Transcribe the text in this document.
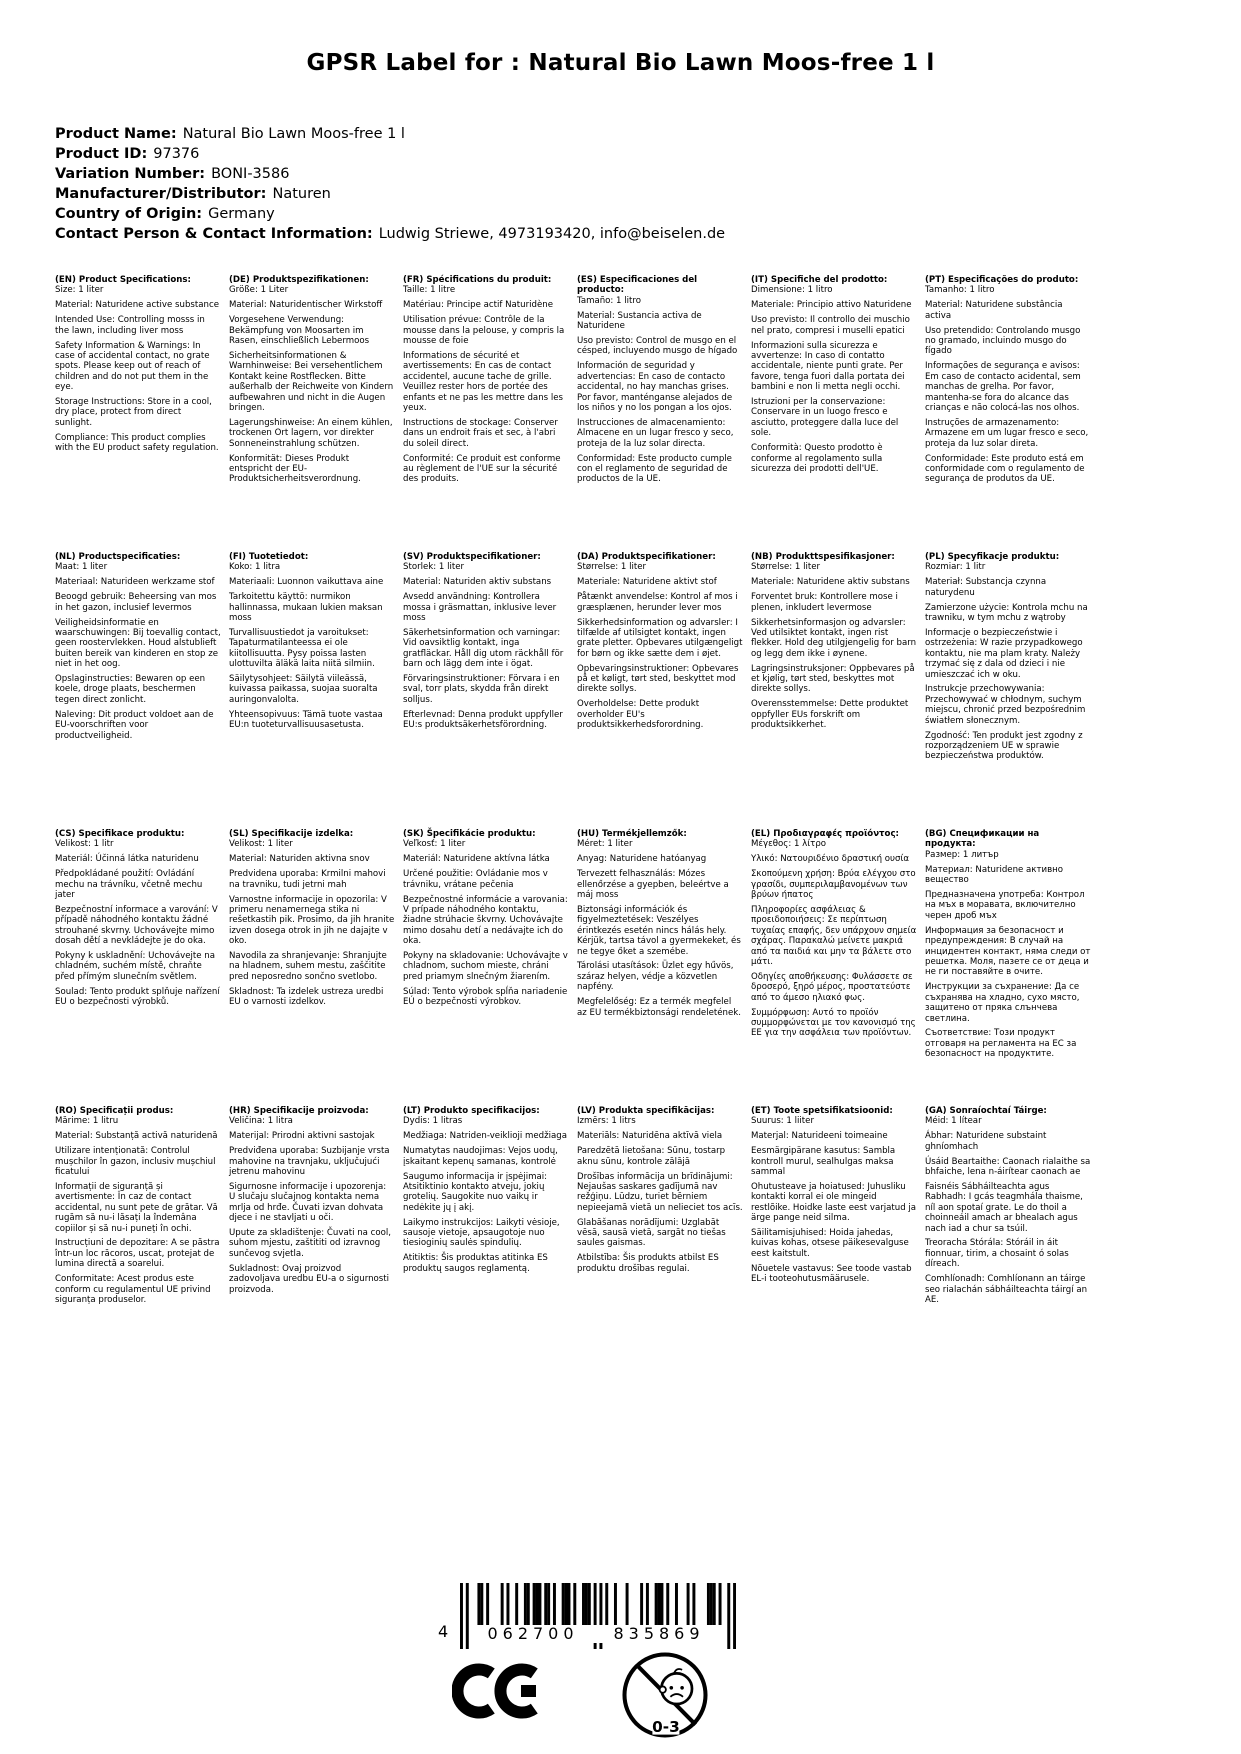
GPSR Label for : Natural Bio Lawn Moos-free 1 l
Product Name: Natural Bio Lawn Moos-free 1 l
Product ID: 97376
Variation Number: BONI-3586
Manufacturer/Distributor: Naturen
Country of Origin: Germany
Contact Person & Contact Information: Ludwig Striewe, 4973193420, info@beiselen.de
(EN) Product Specifications:

Size: 1 liter

Material: Naturidene active substance

Intended Use: Controlling mosss in the lawn, including liver moss

Safety Information & Warnings: In case of accidental contact, no grate spots. Please keep out of reach of children and do not put them in the eye.

Storage Instructions: Store in a cool, dry place, protect from direct sunlight.

Compliance: This product complies with the EU product safety regulation.

(DE) Produktspezifikationen:

Größe: 1 Liter

Material: Naturidentischer Wirkstoff

Vorgesehene Verwendung: Bekämpfung von Moosarten im Rasen, einschließlich Lebermoos

Sicherheitsinformationen & Warnhinweise: Bei versehentlichem Kontakt keine Rostflecken. Bitte außerhalb der Reichweite von Kindern aufbewahren und nicht in die Augen bringen.

Lagerungshinweise: An einem kühlen, trockenen Ort lagern, vor direkter Sonneneinstrahlung schützen.

Konformität: Dieses Produkt entspricht der EU-Produktsicherheitsverordnung.

(FR) Spécifications du produit:

Taille: 1 litre

Matériau: Principe actif Naturidène

Utilisation prévue: Contrôle de la mousse dans la pelouse, y compris la mousse de foie

Informations de sécurité et avertissements: En cas de contact accidentel, aucune tache de grille. Veuillez rester hors de portée des enfants et ne pas les mettre dans les yeux.

Instructions de stockage: Conserver dans un endroit frais et sec, à l'abri du soleil direct.

Conformité: Ce produit est conforme au règlement de l'UE sur la sécurité des produits.

(ES) Especificaciones del producto:

Tamaño: 1 litro

Material: Sustancia activa de Naturidene

Uso previsto: Control de musgo en el césped, incluyendo musgo de hígado

Información de seguridad y advertencias: En caso de contacto accidental, no hay manchas grises. Por favor, manténganse alejados de los niños y no los pongan a los ojos.

Instrucciones de almacenamiento: Almacene en un lugar fresco y seco, proteja de la luz solar directa.

Conformidad: Este producto cumple con el reglamento de seguridad de productos de la UE.

(IT) Specifiche del prodotto:

Dimensione: 1 litro

Materiale: Principio attivo Naturidene

Uso previsto: Il controllo dei muschio nel prato, compresi i muselli epatici

Informazioni sulla sicurezza e avvertenze: In caso di contatto accidentale, niente punti grate. Per favore, tenga fuori dalla portata dei bambini e non li metta negli occhi.

Istruzioni per la conservazione: Conservare in un luogo fresco e asciutto, proteggere dalla luce del sole.

Conformità: Questo prodotto è conforme al regolamento sulla sicurezza dei prodotti dell'UE.

(PT) Especificações do produto:

Tamanho: 1 litro

Material: Naturidene substância activa

Uso pretendido: Controlando musgo no gramado, incluindo musgo do fígado

Informações de segurança e avisos: Em caso de contacto acidental, sem manchas de grelha. Por favor, mantenha-se fora do alcance das crianças e não colocá-las nos olhos.

Instruções de armazenamento: Armazene em um lugar fresco e seco, proteja da luz solar direta.

Conformidade: Este produto está em conformidade com o regulamento de segurança de produtos da UE.

(NL) Productspecificaties:

Maat: 1 liter

Materiaal: Naturideen werkzame stof

Beoogd gebruik: Beheersing van mos in het gazon, inclusief levermos

Veiligheidsinformatie en waarschuwingen: Bij toevallig contact, geen roostervlekken. Houd alstublieft buiten bereik van kinderen en stop ze niet in het oog.

Opslaginstructies: Bewaren op een koele, droge plaats, beschermen tegen direct zonlicht.

Naleving: Dit product voldoet aan de EU-voorschriften voor productveiligheid.

(FI) Tuotetiedot:

Koko: 1 litra

Materiaali: Luonnon vaikuttava aine

Tarkoitettu käyttö: nurmikon hallinnassa, mukaan lukien maksan moss

Turvallisuustiedot ja varoitukset: Tapaturmatilanteessa ei ole kiitollisuutta. Pysy poissa lasten ulottuvilta äläkä laita niitä silmiin.

Säilytysohjeet: Säilytä viileässä, kuivassa paikassa, suojaa suoralta auringonvalolta.

Yhteensopivuus: Tämä tuote vastaa EU:n tuoteturvallisuusasetusta.

(SV) Produktspecifikationer:

Storlek: 1 liter

Material: Naturiden aktiv substans

Avsedd användning: Kontrollera mossa i gräsmattan, inklusive lever moss

Säkerhetsinformation och varningar: Vid oavsiktlig kontakt, inga gratfläckar. Håll dig utom räckhåll för barn och lägg dem inte i ögat.

Förvaringsinstruktioner: Förvara i en sval, torr plats, skydda från direkt solljus.

Efterlevnad: Denna produkt uppfyller EU:s produktsäkerhetsförordning.

(DA) Produktspecifikationer:

Størrelse: 1 liter

Materiale: Naturidene aktivt stof

Påtænkt anvendelse: Kontrol af mos i græsplænen, herunder lever mos

Sikkerhedsinformation og advarsler: I tilfælde af utilsigtet kontakt, ingen grate pletter. Opbevares utilgængeligt for børn og ikke sætte dem i øjet.

Opbevaringsinstruktioner: Opbevares på et køligt, tørt sted, beskyttet mod direkte sollys.

Overholdelse: Dette produkt overholder EU's produktsikkerhedsforordning.

(NB) Produkttspesifikasjoner:

Størrelse: 1 liter

Materiale: Naturidene aktiv substans

Forventet bruk: Kontrollere mose i plenen, inkludert levermose

Sikkerhetsinformasjon og advarsler: Ved utilsiktet kontakt, ingen rist flekker. Hold deg utilgjengelig for barn og legg dem ikke i øynene.

Lagringsinstruksjoner: Oppbevares på et kjølig, tørt sted, beskyttes mot direkte sollys.

Overensstemmelse: Dette produktet oppfyller EUs forskrift om produktsikkerhet.

(PL) Specyfikacje produktu:

Rozmiar: 1 litr

Materiał: Substancja czynna naturydenu

Zamierzone użycie: Kontrola mchu na trawniku, w tym mchu z wątroby

Informacje o bezpieczeństwie i ostrzeżenia: W razie przypadkowego kontaktu, nie ma plam kraty. Należy trzymać się z dala od dzieci i nie umieszczać ich w oku.

Instrukcje przechowywania: Przechowywać w chłodnym, suchym miejscu, chronić przed bezpośrednim światłem słonecznym.

Zgodność: Ten produkt jest zgodny z rozporządzeniem UE w sprawie bezpieczeństwa produktów.

(CS) Specifikace produktu:

Velikost: 1 litr

Materiál: Účinná látka naturidenu

Předpokládané použití: Ovládání mechu na trávníku, včetně mechu jater

Bezpečnostní informace a varování: V případě náhodného kontaktu žádné strouhané skvrny. Uchovávejte mimo dosah dětí a nevkládejte je do oka.

Pokyny k uskladnění: Uchovávejte na chladném, suchém místě, chraňte před přímým slunečním světlem.

Soulad: Tento produkt splňuje nařízení EU o bezpečnosti výrobků.

(SL) Specifikacije izdelka:

Velikost: 1 liter

Material: Naturiden aktivna snov

Predvidena uporaba: Krmilni mahovi na travniku, tudi jetrni mah

Varnostne informacije in opozorila: V primeru nenamernega stika ni rešetkastih pik. Prosimo, da jih hranite izven dosega otrok in jih ne dajajte v oko.

Navodila za shranjevanje: Shranjujte na hladnem, suhem mestu, zaščitite pred neposredno sončno svetlobo.

Skladnost: Ta izdelek ustreza uredbi EU o varnosti izdelkov.

(SK) Špecifikácie produktu:

Veľkosť: 1 liter

Materiál: Naturidene aktívna látka

Určené použitie: Ovládanie mos v trávniku, vrátane pečenia

Bezpečnostné informácie a varovania: V prípade náhodného kontaktu, žiadne strúhacie škvrny. Uchovávajte mimo dosahu detí a nedávajte ich do oka.

Pokyny na skladovanie: Uchovávajte v chladnom, suchom mieste, chráni pred priamym slnečným žiarením.

Súlad: Tento výrobok spĺňa nariadenie EÚ o bezpečnosti výrobkov.

(HU) Termékjellemzők:

Méret: 1 liter

Anyag: Naturidene hatóanyag

Tervezett felhasználás: Mózes ellenőrzése a gyepben, beleértve a máj moss

Biztonsági információk és figyelmeztetések: Veszélyes érintkezés esetén nincs hálás hely. Kérjük, tartsa távol a gyermekeket, és ne tegye őket a szemébe.

Tárolási utasítások: Üzlet egy hűvös, száraz helyen, védje a közvetlen napfény.

Megfelelőség: Ez a termék megfelel az EU termékbiztonsági rendeletének.

(EL) Προδιαγραφές προϊόντος:

Μέγεθος: 1 λίτρο

Υλικό: Νατουριδένιο δραστική ουσία

Σκοπούμενη χρήση: Βρύα ελέγχου στο γρασίδι, συμπεριλαμβανομένων των βρύων ήπατος

Πληροφορίες ασφάλειας & προειδοποιήσεις: Σε περίπτωση τυχαίας επαφής, δεν υπάρχουν σημεία σχάρας. Παρακαλώ μείνετε μακριά από τα παιδιά και μην τα βάλετε στο μάτι.

Οδηγίες αποθήκευσης: Φυλάσσετε σε δροσερό, ξηρό μέρος, προστατεύστε από το άμεσο ηλιακό φως.

Συμμόρφωση: Αυτό το προϊόν συμμορφώνεται με τον κανονισμό της ΕΕ για την ασφάλεια των προϊόντων.

(BG) Спецификации на продукта:

Размер: 1 литър

Материал: Naturidene активно вещество

Предназначена употреба: Контрол на мъх в моравата, включително черен дроб мъх

Информация за безопасност и предупреждения: В случай на инцидентен контакт, няма следи от решетка. Моля, пазете се от деца и не ги поставяйте в очите.

Инструкции за съхранение: Да се съхранява на хладно, сухо място, защитено от пряка слънчева светлина.

Съответствие: Този продукт отговаря на регламента на ЕС за безопасност на продуктите.

(RO) Specificații produs:

Mărime: 1 litru

Material: Substanță activă naturidenă

Utilizare intenționată: Controlul mușchilor în gazon, inclusiv mușchiul ficatului

Informații de siguranță și avertismente: În caz de contact accidental, nu sunt pete de grătar. Vă rugăm să nu-i lăsați la îndemâna copiilor și să nu-i puneți în ochi.

Instrucțiuni de depozitare: A se păstra într-un loc răcoros, uscat, protejat de lumina directă a soarelui.

Conformitate: Acest produs este conform cu regulamentul UE privind siguranța produselor.

(HR) Specifikacije proizvoda:

Veličina: 1 litra

Materijal: Prirodni aktivni sastojak

Predviđena uporaba: Suzbijanje vrsta mahovine na travnjaku, uključujući jetrenu mahovinu

Sigurnosne informacije i upozorenja: U slučaju slučajnog kontakta nema mrlja od hrđe. Čuvati izvan dohvata djece i ne stavljati u oči.

Upute za skladištenje: Čuvati na cool, suhom mjestu, zaštititi od izravnog sunčevog svjetla.

Sukladnost: Ovaj proizvod zadovoljava uredbu EU-a o sigurnosti proizvoda.

(LT) Produkto specifikacijos:

Dydis: 1 litras

Medžiaga: Natriden-veiklioji medžiaga

Numatytas naudojimas: Vejos uodų, įskaitant kepenų samanas, kontrolė

Saugumo informacija ir įspėjimai: Atsitiktinio kontakto atveju, jokių grotelių. Saugokite nuo vaikų ir nedėkite jų į akį.

Laikymo instrukcijos: Laikyti vėsioje, sausoje vietoje, apsaugotoje nuo tiesioginių saulės spindulių.

Atitiktis: Šis produktas atitinka ES produktų saugos reglamentą.

(LV) Produkta specifikācijas:

Izmērs: 1 litrs

Materiāls: Naturidēna aktīvā viela

Paredzētā lietošana: Sūnu, tostarp aknu sūnu, kontrole zālājā

Drošības informācija un brīdinājumi: Nejaušas saskares gadījumā nav režģiņu. Lūdzu, turiet bērniem nepieejamā vietā un nelieciet tos acīs.

Glabāšanas norādījumi: Uzglabāt vēsā, sausā vietā, sargāt no tiešas saules gaismas.

Atbilstība: Šis produkts atbilst ES produktu drošības regulai.

(ET) Toote spetsifikatsioonid:

Suurus: 1 liiter

Materjal: Naturideeni toimeaine

Eesmärgipärane kasutus: Sambla kontroll murul, sealhulgas maksa sammal

Ohutusteave ja hoiatused: Juhusliku kontakti korral ei ole mingeid restlõike. Hoidke laste eest varjatud ja ärge pange neid silma.

Säilitamisjuhised: Hoida jahedas, kuivas kohas, otsese päikesevalguse eest kaitstult.

Nõuetele vastavus: See toode vastab EL-i tooteohutusmäärusele.

(GA) Sonraíochtaí Táirge:

Méid: 1 lítear

Ábhar: Naturidene substaint ghníomhach

Úsáid Beartaithe: Caonach rialaithe sa bhfaiche, lena n-áirítear caonach ae

Faisnéis Sábháilteachta agus Rabhadh: I gcás teagmhála thaisme, níl aon spotaí grate. Le do thoil a choinneáil amach ar bhealach agus nach iad a chur sa tsúil.

Treoracha Stórála: Stóráil in áit fionnuar, tirim, a chosaint ó solas díreach.

Comhlíonadh: Comhlíonann an táirge seo rialachán sábháilteachta táirgí an AE.

4	062700	835869
0-3
